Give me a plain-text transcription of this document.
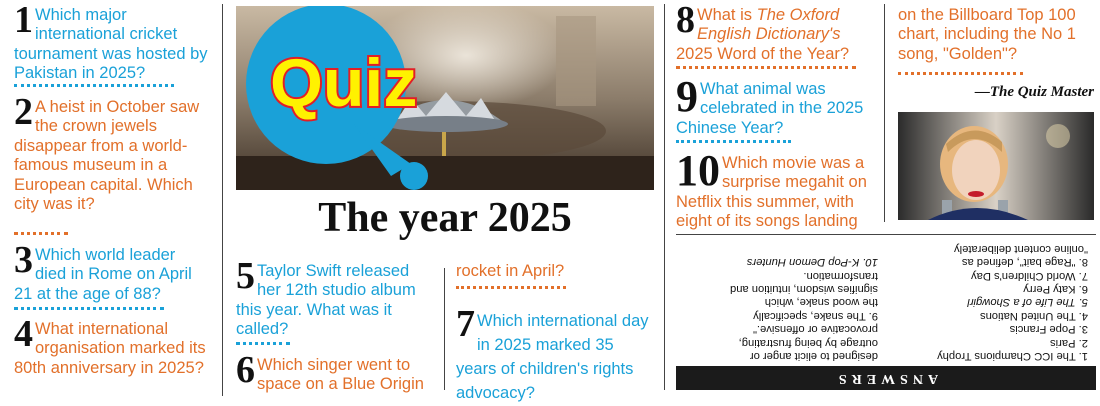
1 Which major international cricket tournament was hosted by Pakistan in 2025?
2 A heist in October saw the crown jewels disappear from a world-famous museum in a European capital. Which city was it?
3 Which world leader died in Rome on April 21 at the age of 88?
4 What international organisation marked its 80th anniversary in 2025?
Quiz
The year 2025
5 Taylor Swift released her 12th studio album this year. What was it called?
6 Which singer went to space on a Blue Origin
rocket in April?
7 Which international day in 2025 marked 35 years of children's rights advocacy?
8 What is The Oxford English Dictionary's 2025 Word of the Year?
9 What animal was celebrated in the 2025 Chinese Year?
10 Which movie was a surprise megahit on Netflix this summer, with eight of its songs landing
on the Billboard Top 100 chart, including the No 1 song, "Golden"?
—The Quiz Master
ANSWERS
1. The ICC Champions Trophy
2. Paris
3. Pope Francis
4. The United Nations
5. The Life of a Showgirl
6. Katy Perry
7. World Children's Day
8. "Rage bait", defined as
"online content deliberately
designed to elicit anger or
outrage by being frustrating,
provocative or offensive."
9. The snake, specifically
the wood snake, which
signifies wisdom, intuition and
transformation.
10. K-Pop Demon Hunters
